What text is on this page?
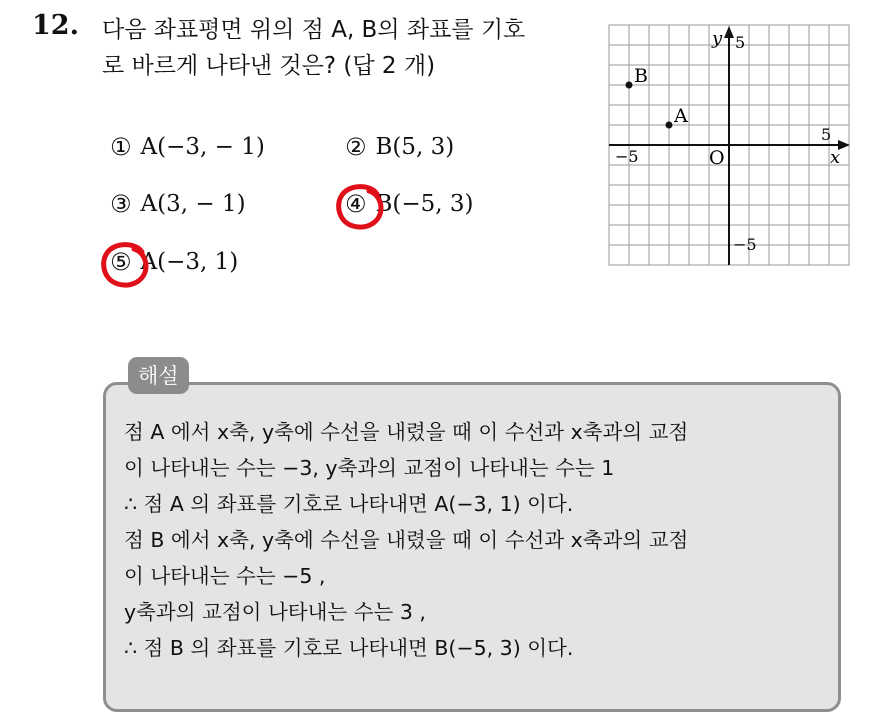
12. 다음 좌표평면 위의 점 A, B의 좌표를 기호
로 바르게 나타낸 것은? (답 2 개)
① A(−3, − 1)	② B(5, 3)
③ A(3, − 1)	④ B(−5, 3)
⑤ A(−3, 1)
y 5
5
x
−5	O
−5
A
B
해설
점 A 에서 x축, y축에 수선을 내렸을 때 이 수선과 x축과의 교점
이 나타내는 수는 −3, y축과의 교점이 나타내는 수는 1
∴ 점 A 의 좌표를 기호로 나타내면 A(−3, 1) 이다.
점 B 에서 x축, y축에 수선을 내렸을 때 이 수선과 x축과의 교점
이 나타내는 수는 −5 ,
y축과의 교점이 나타내는 수는 3 ,
∴ 점 B 의 좌표를 기호로 나타내면 B(−5, 3) 이다.
